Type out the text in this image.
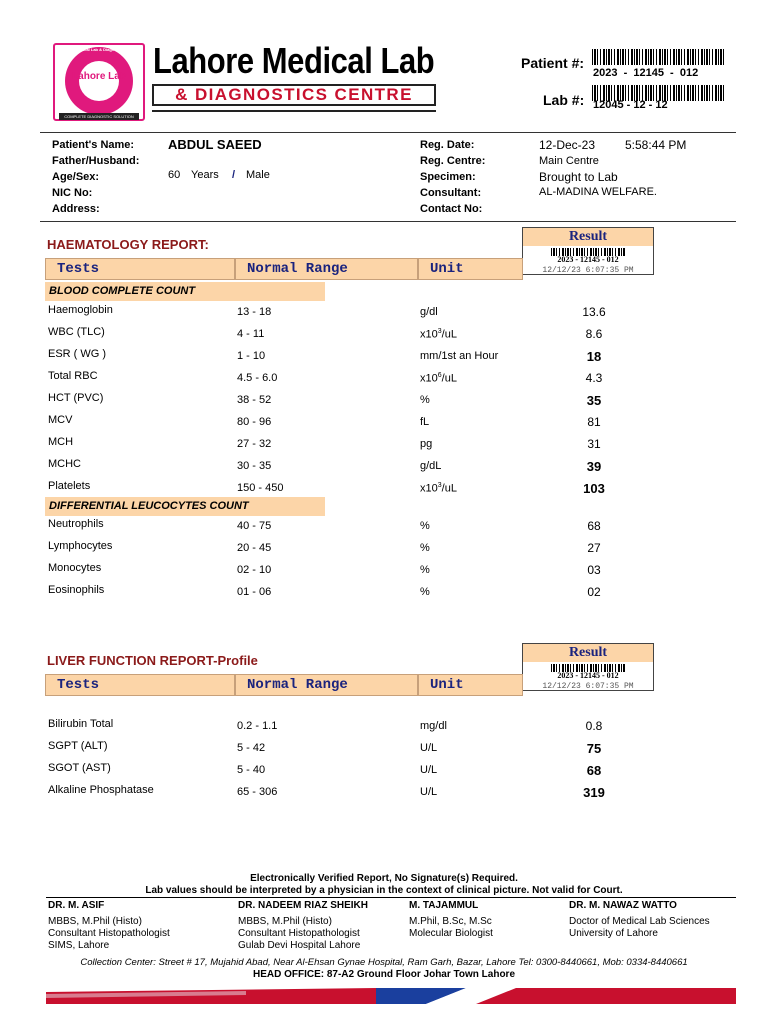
Lahore Lab
Lahore Medical Lab & Diagnostic Centre
COMPLETE DIAGNOSTIC SOLUTION
Lahore Medical Lab
& DIAGNOSTICS CENTRE
Patient #:
2023  -  12145  -  012
Lab #: 12045 - 12 - 12
Patient's Name:	ABDUL SAEED
Father/Husband:
Age/Sex:	60 Years / Male
NIC No:
Address:
Reg. Date:	12-Dec-23 5:58:44 PM
Reg. Centre:	Main Centre
Specimen:	Brought to Lab
Consultant:	AL-MADINA WELFARE.
Contact No:
HAEMATOLOGY REPORT:
Result
2023 - 12145 - 012
12/12/23 6:07:35 PM
Tests	Normal Range	Unit
BLOOD COMPLETE COUNT
Haemoglobin	13 - 18	g/dl	13.6
WBC (TLC)	4 - 11	$x10^3/uL$	8.6
ESR ( WG )	1 - 10	mm/1st an Hour	18
Total RBC	4.5 - 6.0	$x10^6/uL$	4.3
HCT (PVC)	38 - 52	%	35
MCV	80 - 96	fL	81
MCH	27 - 32	pg	31
MCHC	30 - 35	g/dL	39
Platelets	150 - 450	$x10^3/uL$	103
DIFFERENTIAL LEUCOCYTES COUNT
Neutrophils	40 - 75	%	68
Lymphocytes	20 - 45	%	27
Monocytes	02 - 10	%	03
Eosinophils	01 - 06	%	02
LIVER FUNCTION REPORT-Profile
Result
2023 - 12145 - 012
12/12/23 6:07:35 PM
Tests	Normal Range	Unit
Bilirubin Total	0.2 - 1.1	mg/dl	0.8
SGPT (ALT)	5 - 42	U/L	75
SGOT (AST)	5 - 40	U/L	68
Alkaline Phosphatase	65 - 306	U/L	319
Electronically Verified Report, No Signature(s) Required.
Lab values should be interpreted by a physician in the context of clinical picture. Not valid for Court.
DR. M. ASIF
MBBS, M.Phil (Histo)
Consultant Histopathologist
SIMS, Lahore
DR. NADEEM RIAZ SHEIKH
MBBS, M.Phil (Histo)
Consultant Histopathologist
Gulab Devi Hospital Lahore
M. TAJAMMUL
M.Phil, B.Sc, M.Sc
Molecular Biologist
DR. M. NAWAZ WATTO
Doctor of Medical Lab Sciences
University of Lahore
Collection Center: Street # 17, Mujahid Abad, Near Al-Ehsan Gynae Hospital, Ram Garh, Bazar, Lahore Tel: 0300-8440661, Mob: 0334-8440661
HEAD OFFICE: 87-A2 Ground Floor Johar Town Lahore
